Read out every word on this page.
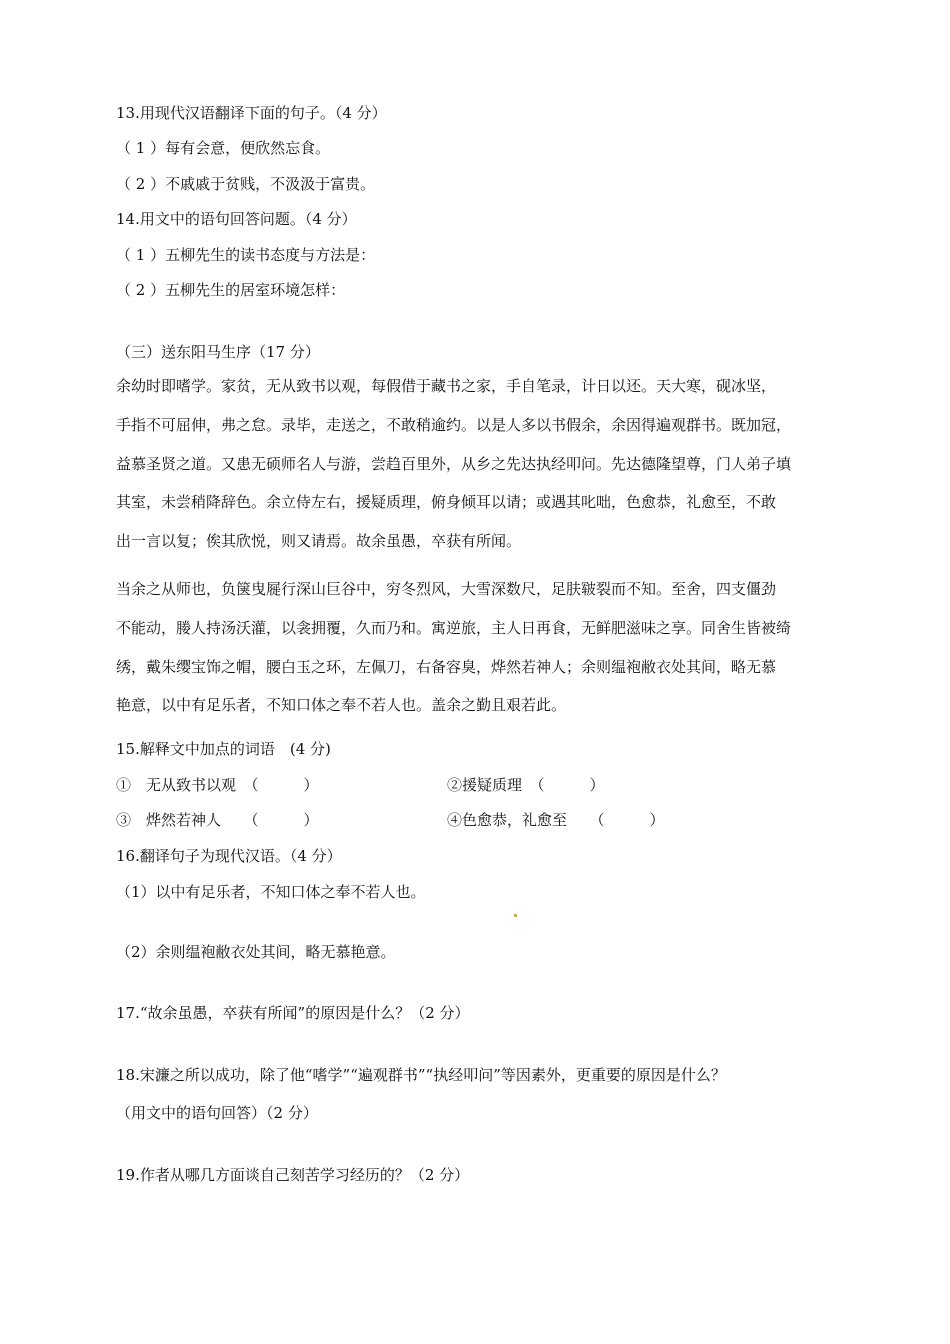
13.用现代汉语翻译下面的句子。（4 分）
（ 1 ）每有会意，便欣然忘食。
（ 2 ）不戚戚于贫贱，不汲汲于富贵。
14.用文中的语句回答问题。（4 分）
（ 1 ）五柳先生的读书态度与方法是：
（ 2 ）五柳先生的居室环境怎样：
（三）送东阳马生序（17 分）

余幼时即嗜学。家贫，无从致书以观，每假借于藏书之家，手自笔录，计日以还。天大寒，砚冰坚，

手指不可屈伸，弗之怠。录毕，走送之，不敢稍逾约。以是人多以书假余，余因得遍观群书。既加冠，

益慕圣贤之道。又患无硕师名人与游，尝趋百里外，从乡之先达执经叩问。先达德隆望尊，门人弟子填

其室，未尝稍降辞色。余立侍左右，援疑质理，俯身倾耳以请；或遇其叱咄，色愈恭，礼愈至，不敢

出一言以复；俟其欣悦，则又请焉。故余虽愚，卒获有所闻。

当余之从师也，负箧曳屣行深山巨谷中，穷冬烈风，大雪深数尺，足肤皲裂而不知。至舍，四支僵劲

不能动，媵人持汤沃灌，以衾拥覆，久而乃和。寓逆旅，主人日再食，无鲜肥滋味之享。同舍生皆被绮

绣，戴朱缨宝饰之帽，腰白玉之环，左佩刀，右备容臭，烨然若神人；余则缊袍敝衣处其间，略无慕

艳意，以中有足乐者，不知口体之奉不若人也。盖余之勤且艰若此。

15.解释文中加点的词语　(4 分)
①　无从致书以观　（　　　）	②援疑质理　（　　　）
③　烨然若神人　　（　　　）	④色愈恭，礼愈至　　（　　　）
16.翻译句子为现代汉语。（4 分）
（1）以中有足乐者，不知口体之奉不若人也。
（2）余则缊袍敝衣处其间，略无慕艳意。
17.“故余虽愚，卒获有所闻”的原因是什么？（2 分）
18.宋濂之所以成功，除了他“嗜学”“遍观群书”“执经叩问”等因素外，更重要的原因是什么？
（用文中的语句回答）（2 分）
19.作者从哪几方面谈自己刻苦学习经历的？（2 分）
